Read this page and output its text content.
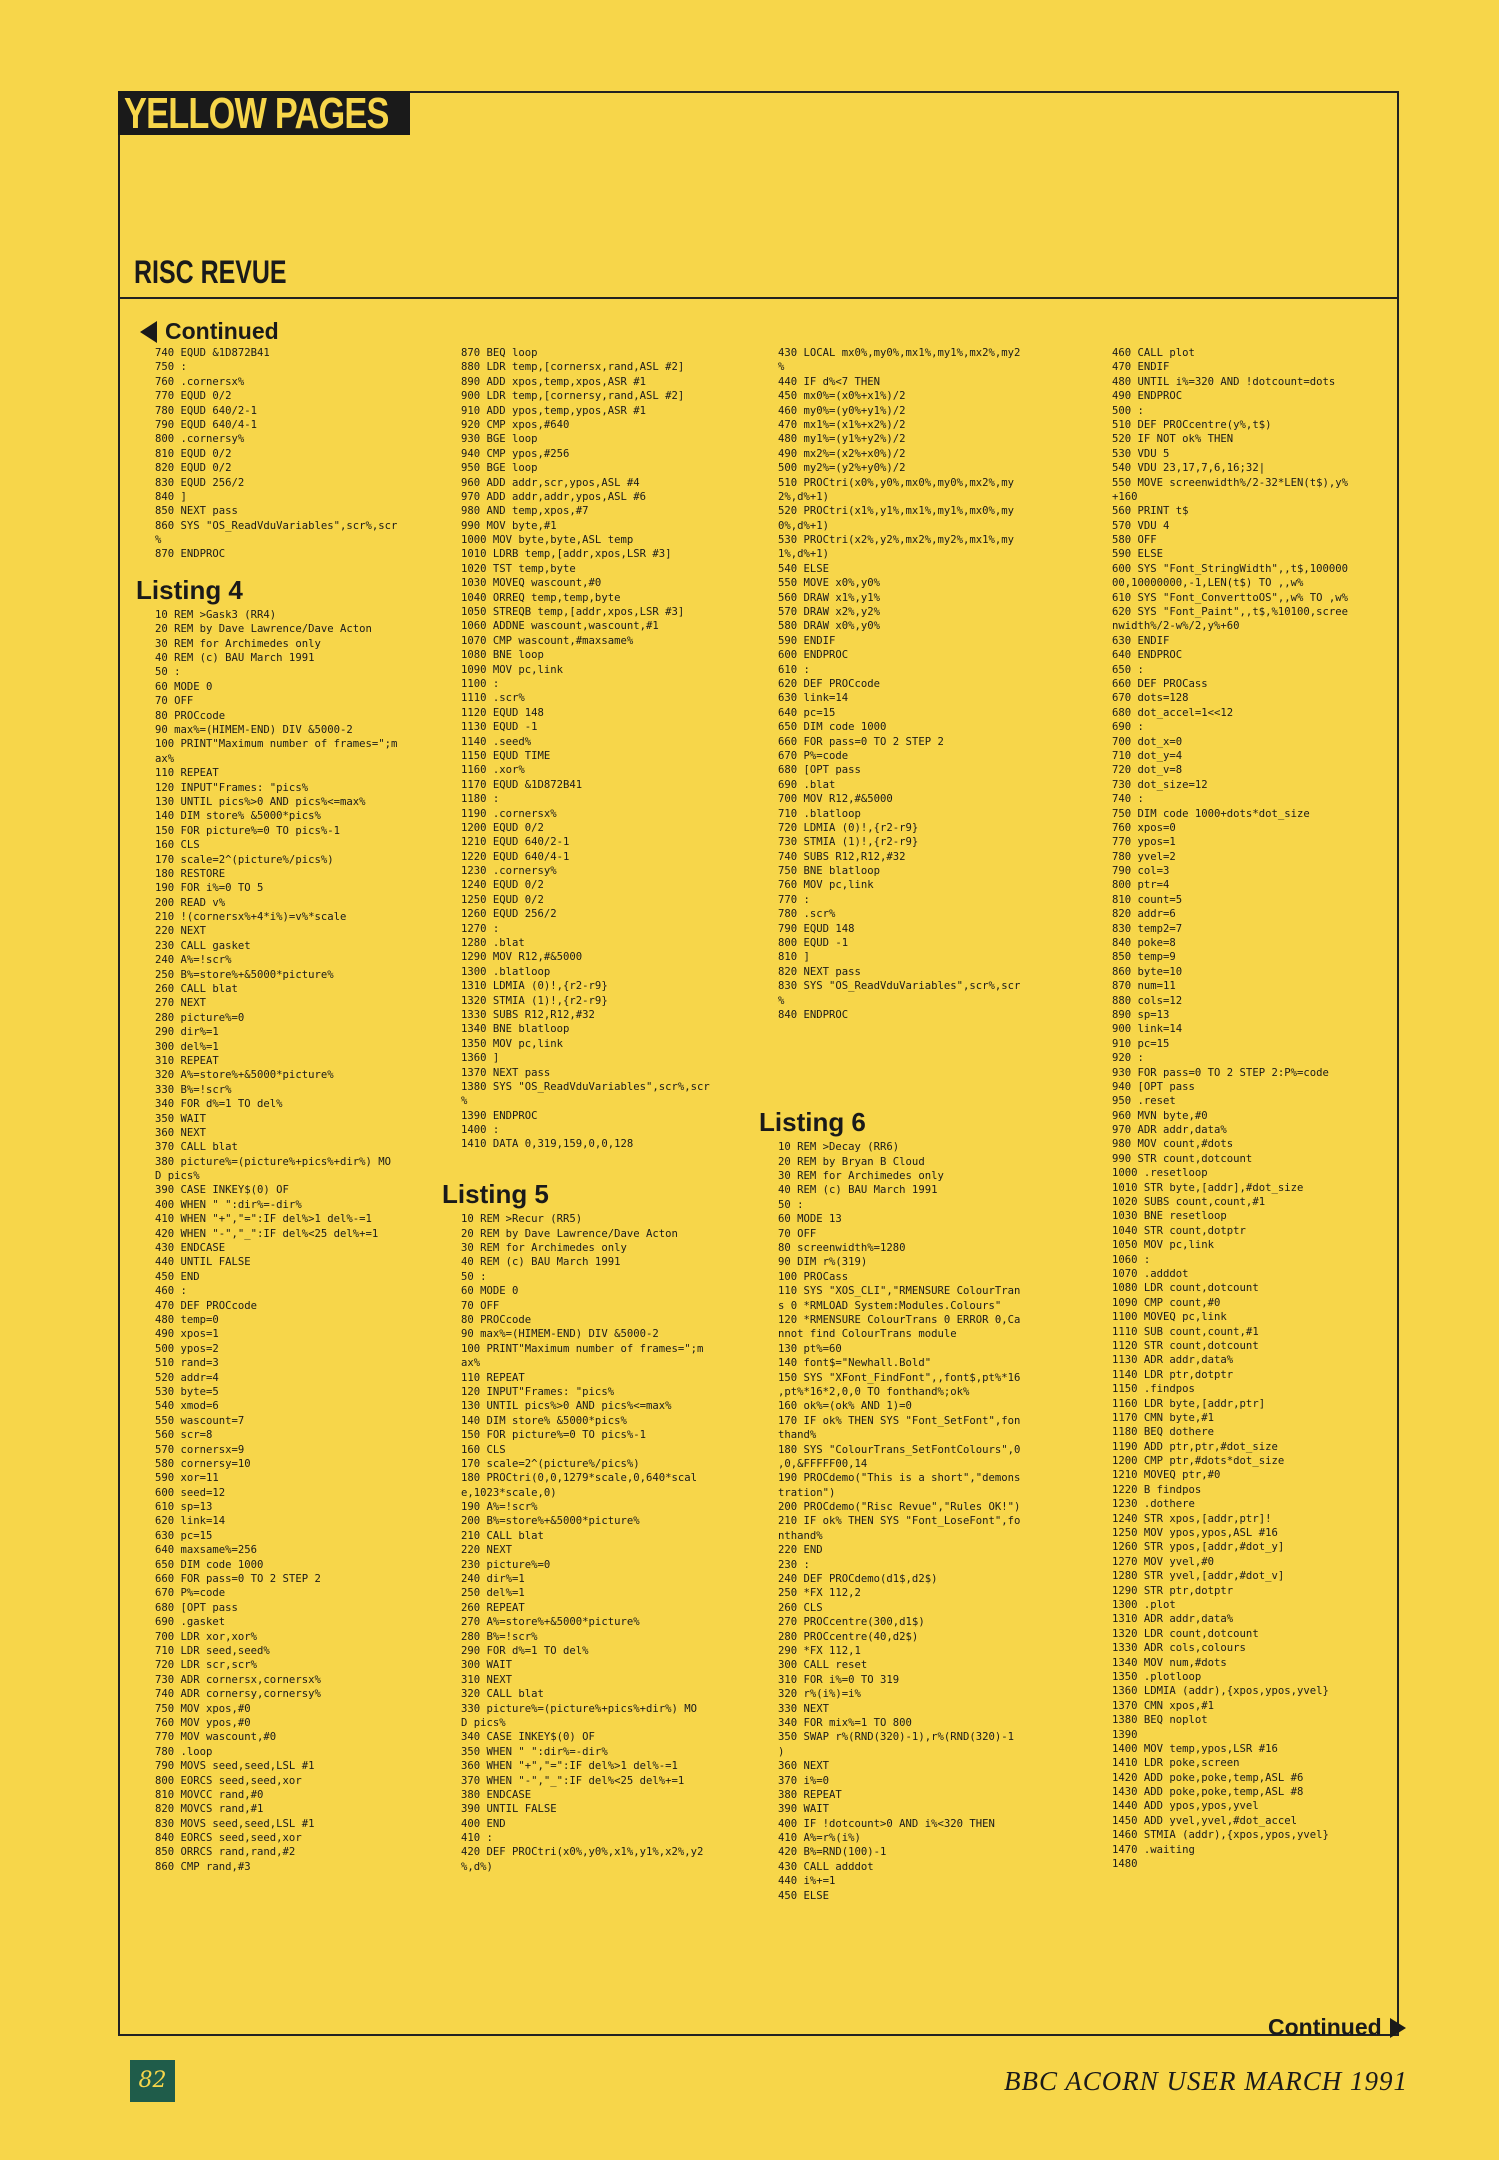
YELLOW PAGES
RISC REVUE
Continued
740 EQUD &1D872B41
750 :
760 .cornersx%
770 EQUD 0/2
780 EQUD 640/2-1
790 EQUD 640/4-1
800 .cornersy%
810 EQUD 0/2
820 EQUD 0/2
830 EQUD 256/2
840 ]
850 NEXT pass
860 SYS "OS_ReadVduVariables",scr%,scr
%
870 ENDPROC
Listing 4
10 REM >Gask3 (RR4)
20 REM by Dave Lawrence/Dave Acton
30 REM for Archimedes only
40 REM (c) BAU March 1991
50 :
60 MODE 0
70 OFF
80 PROCcode
90 max%=(HIMEM-END) DIV &5000-2
100 PRINT"Maximum number of frames=";m
ax%
110 REPEAT
120 INPUT"Frames: "pics%
130 UNTIL pics%>0 AND pics%<=max%
140 DIM store% &5000*pics%
150 FOR picture%=0 TO pics%-1
160 CLS
170 scale=2^(picture%/pics%)
180 RESTORE
190 FOR i%=0 TO 5
200 READ v%
210 !(cornersx%+4*i%)=v%*scale
220 NEXT
230 CALL gasket
240 A%=!scr%
250 B%=store%+&5000*picture%
260 CALL blat
270 NEXT
280 picture%=0
290 dir%=1
300 del%=1
310 REPEAT
320 A%=store%+&5000*picture%
330 B%=!scr%
340 FOR d%=1 TO del%
350 WAIT
360 NEXT
370 CALL blat
380 picture%=(picture%+pics%+dir%) MO
D pics%
390 CASE INKEY$(0) OF
400 WHEN " ":dir%=-dir%
410 WHEN "+","=":IF del%>1 del%-=1
420 WHEN "-","_":IF del%<25 del%+=1
430 ENDCASE
440 UNTIL FALSE
450 END
460 :
470 DEF PROCcode
480 temp=0
490 xpos=1
500 ypos=2
510 rand=3
520 addr=4
530 byte=5
540 xmod=6
550 wascount=7
560 scr=8
570 cornersx=9
580 cornersy=10
590 xor=11
600 seed=12
610 sp=13
620 link=14
630 pc=15
640 maxsame%=256
650 DIM code 1000
660 FOR pass=0 TO 2 STEP 2
670 P%=code
680 [OPT pass
690 .gasket
700 LDR xor,xor%
710 LDR seed,seed%
720 LDR scr,scr%
730 ADR cornersx,cornersx%
740 ADR cornersy,cornersy%
750 MOV xpos,#0
760 MOV ypos,#0
770 MOV wascount,#0
780 .loop
790 MOVS seed,seed,LSL #1
800 EORCS seed,seed,xor
810 MOVCC rand,#0
820 MOVCS rand,#1
830 MOVS seed,seed,LSL #1
840 EORCS seed,seed,xor
850 ORRCS rand,rand,#2
860 CMP rand,#3
870 BEQ loop
880 LDR temp,[cornersx,rand,ASL #2]
890 ADD xpos,temp,xpos,ASR #1
900 LDR temp,[cornersy,rand,ASL #2]
910 ADD ypos,temp,ypos,ASR #1
920 CMP xpos,#640
930 BGE loop
940 CMP ypos,#256
950 BGE loop
960 ADD addr,scr,ypos,ASL #4
970 ADD addr,addr,ypos,ASL #6
980 AND temp,xpos,#7
990 MOV byte,#1
1000 MOV byte,byte,ASL temp
1010 LDRB temp,[addr,xpos,LSR #3]
1020 TST temp,byte
1030 MOVEQ wascount,#0
1040 ORREQ temp,temp,byte
1050 STREQB temp,[addr,xpos,LSR #3]
1060 ADDNE wascount,wascount,#1
1070 CMP wascount,#maxsame%
1080 BNE loop
1090 MOV pc,link
1100 :
1110 .scr%
1120 EQUD 148
1130 EQUD -1
1140 .seed%
1150 EQUD TIME
1160 .xor%
1170 EQUD &1D872B41
1180 :
1190 .cornersx%
1200 EQUD 0/2
1210 EQUD 640/2-1
1220 EQUD 640/4-1
1230 .cornersy%
1240 EQUD 0/2
1250 EQUD 0/2
1260 EQUD 256/2
1270 :
1280 .blat
1290 MOV R12,#&5000
1300 .blatloop
1310 LDMIA (0)!,{r2-r9}
1320 STMIA (1)!,{r2-r9}
1330 SUBS R12,R12,#32
1340 BNE blatloop
1350 MOV pc,link
1360 ]
1370 NEXT pass
1380 SYS "OS_ReadVduVariables",scr%,scr
%
1390 ENDPROC
1400 :
1410 DATA 0,319,159,0,0,128
Listing 5
10 REM >Recur (RR5)
20 REM by Dave Lawrence/Dave Acton
30 REM for Archimedes only
40 REM (c) BAU March 1991
50 :
60 MODE 0
70 OFF
80 PROCcode
90 max%=(HIMEM-END) DIV &5000-2
100 PRINT"Maximum number of frames=";m
ax%
110 REPEAT
120 INPUT"Frames: "pics%
130 UNTIL pics%>0 AND pics%<=max%
140 DIM store% &5000*pics%
150 FOR picture%=0 TO pics%-1
160 CLS
170 scale=2^(picture%/pics%)
180 PROCtri(0,0,1279*scale,0,640*scal
e,1023*scale,0)
190 A%=!scr%
200 B%=store%+&5000*picture%
210 CALL blat
220 NEXT
230 picture%=0
240 dir%=1
250 del%=1
260 REPEAT
270 A%=store%+&5000*picture%
280 B%=!scr%
290 FOR d%=1 TO del%
300 WAIT
310 NEXT
320 CALL blat
330 picture%=(picture%+pics%+dir%) MO
D pics%
340 CASE INKEY$(0) OF
350 WHEN " ":dir%=-dir%
360 WHEN "+","=":IF del%>1 del%-=1
370 WHEN "-","_":IF del%<25 del%+=1
380 ENDCASE
390 UNTIL FALSE
400 END
410 :
420 DEF PROCtri(x0%,y0%,x1%,y1%,x2%,y2
%,d%)
430 LOCAL mx0%,my0%,mx1%,my1%,mx2%,my2
%
440 IF d%<7 THEN
450 mx0%=(x0%+x1%)/2
460 my0%=(y0%+y1%)/2
470 mx1%=(x1%+x2%)/2
480 my1%=(y1%+y2%)/2
490 mx2%=(x2%+x0%)/2
500 my2%=(y2%+y0%)/2
510 PROCtri(x0%,y0%,mx0%,my0%,mx2%,my
2%,d%+1)
520 PROCtri(x1%,y1%,mx1%,my1%,mx0%,my
0%,d%+1)
530 PROCtri(x2%,y2%,mx2%,my2%,mx1%,my
1%,d%+1)
540 ELSE
550 MOVE x0%,y0%
560 DRAW x1%,y1%
570 DRAW x2%,y2%
580 DRAW x0%,y0%
590 ENDIF
600 ENDPROC
610 :
620 DEF PROCcode
630 link=14
640 pc=15
650 DIM code 1000
660 FOR pass=0 TO 2 STEP 2
670 P%=code
680 [OPT pass
690 .blat
700 MOV R12,#&5000
710 .blatloop
720 LDMIA (0)!,{r2-r9}
730 STMIA (1)!,{r2-r9}
740 SUBS R12,R12,#32
750 BNE blatloop
760 MOV pc,link
770 :
780 .scr%
790 EQUD 148
800 EQUD -1
810 ]
820 NEXT pass
830 SYS "OS_ReadVduVariables",scr%,scr
%
840 ENDPROC
Listing 6
10 REM >Decay (RR6)
20 REM by Bryan B Cloud
30 REM for Archimedes only
40 REM (c) BAU March 1991
50 :
60 MODE 13
70 OFF
80 screenwidth%=1280
90 DIM r%(319)
100 PROCass
110 SYS "XOS_CLI","RMENSURE ColourTran
s 0 *RMLOAD System:Modules.Colours"
120 *RMENSURE ColourTrans 0 ERROR 0,Ca
nnot find ColourTrans module
130 pt%=60
140 font$="Newhall.Bold"
150 SYS "XFont_FindFont",,font$,pt%*16
,pt%*16*2,0,0 TO fonthand%;ok%
160 ok%=(ok% AND 1)=0
170 IF ok% THEN SYS "Font_SetFont",fon
thand%
180 SYS "ColourTrans_SetFontColours",0
,0,&FFFFF00,14
190 PROCdemo("This is a short","demons
tration")
200 PROCdemo("Risc Revue","Rules OK!")
210 IF ok% THEN SYS "Font_LoseFont",fo
nthand%
220 END
230 :
240 DEF PROCdemo(d1$,d2$)
250 *FX 112,2
260 CLS
270 PROCcentre(300,d1$)
280 PROCcentre(40,d2$)
290 *FX 112,1
300 CALL reset
310 FOR i%=0 TO 319
320 r%(i%)=i%
330 NEXT
340 FOR mix%=1 TO 800
350 SWAP r%(RND(320)-1),r%(RND(320)-1
)
360 NEXT
370 i%=0
380 REPEAT
390 WAIT
400 IF !dotcount>0 AND i%<320 THEN
410 A%=r%(i%)
420 B%=RND(100)-1
430 CALL adddot
440 i%+=1
450 ELSE
460 CALL plot
470 ENDIF
480 UNTIL i%=320 AND !dotcount=dots
490 ENDPROC
500 :
510 DEF PROCcentre(y%,t$)
520 IF NOT ok% THEN
530 VDU 5
540 VDU 23,17,7,6,16;32|
550 MOVE screenwidth%/2-32*LEN(t$),y%
+160
560 PRINT t$
570 VDU 4
580 OFF
590 ELSE
600 SYS "Font_StringWidth",,t$,100000
00,10000000,-1,LEN(t$) TO ,,w%
610 SYS "Font_ConverttoOS",,w% TO ,w%
620 SYS "Font_Paint",,t$,%10100,scree
nwidth%/2-w%/2,y%+60
630 ENDIF
640 ENDPROC
650 :
660 DEF PROCass
670 dots=128
680 dot_accel=1<<12
690 :
700 dot_x=0
710 dot_y=4
720 dot_v=8
730 dot_size=12
740 :
750 DIM code 1000+dots*dot_size
760 xpos=0
770 ypos=1
780 yvel=2
790 col=3
800 ptr=4
810 count=5
820 addr=6
830 temp2=7
840 poke=8
850 temp=9
860 byte=10
870 num=11
880 cols=12
890 sp=13
900 link=14
910 pc=15
920 :
930 FOR pass=0 TO 2 STEP 2:P%=code
940 [OPT pass
950 .reset
960 MVN byte,#0
970 ADR addr,data%
980 MOV count,#dots
990 STR count,dotcount
1000 .resetloop
1010 STR byte,[addr],#dot_size
1020 SUBS count,count,#1
1030 BNE resetloop
1040 STR count,dotptr
1050 MOV pc,link
1060 :
1070 .adddot
1080 LDR count,dotcount
1090 CMP count,#0
1100 MOVEQ pc,link
1110 SUB count,count,#1
1120 STR count,dotcount
1130 ADR addr,data%
1140 LDR ptr,dotptr
1150 .findpos
1160 LDR byte,[addr,ptr]
1170 CMN byte,#1
1180 BEQ dothere
1190 ADD ptr,ptr,#dot_size
1200 CMP ptr,#dots*dot_size
1210 MOVEQ ptr,#0
1220 B findpos
1230 .dothere
1240 STR xpos,[addr,ptr]!
1250 MOV ypos,ypos,ASL #16
1260 STR ypos,[addr,#dot_y]
1270 MOV yvel,#0
1280 STR yvel,[addr,#dot_v]
1290 STR ptr,dotptr
1300 .plot
1310 ADR addr,data%
1320 LDR count,dotcount
1330 ADR cols,colours
1340 MOV num,#dots
1350 .plotloop
1360 LDMIA (addr),{xpos,ypos,yvel}
1370 CMN xpos,#1
1380 BEQ noplot
1390
1400 MOV temp,ypos,LSR #16
1410 LDR poke,screen
1420 ADD poke,poke,temp,ASL #6
1430 ADD poke,poke,temp,ASL #8
1440 ADD ypos,ypos,yvel
1450 ADD yvel,yvel,#dot_accel
1460 STMIA (addr),{xpos,ypos,yvel}
1470 .waiting
1480
Continued
82	BBC ACORN USER MARCH 1991
